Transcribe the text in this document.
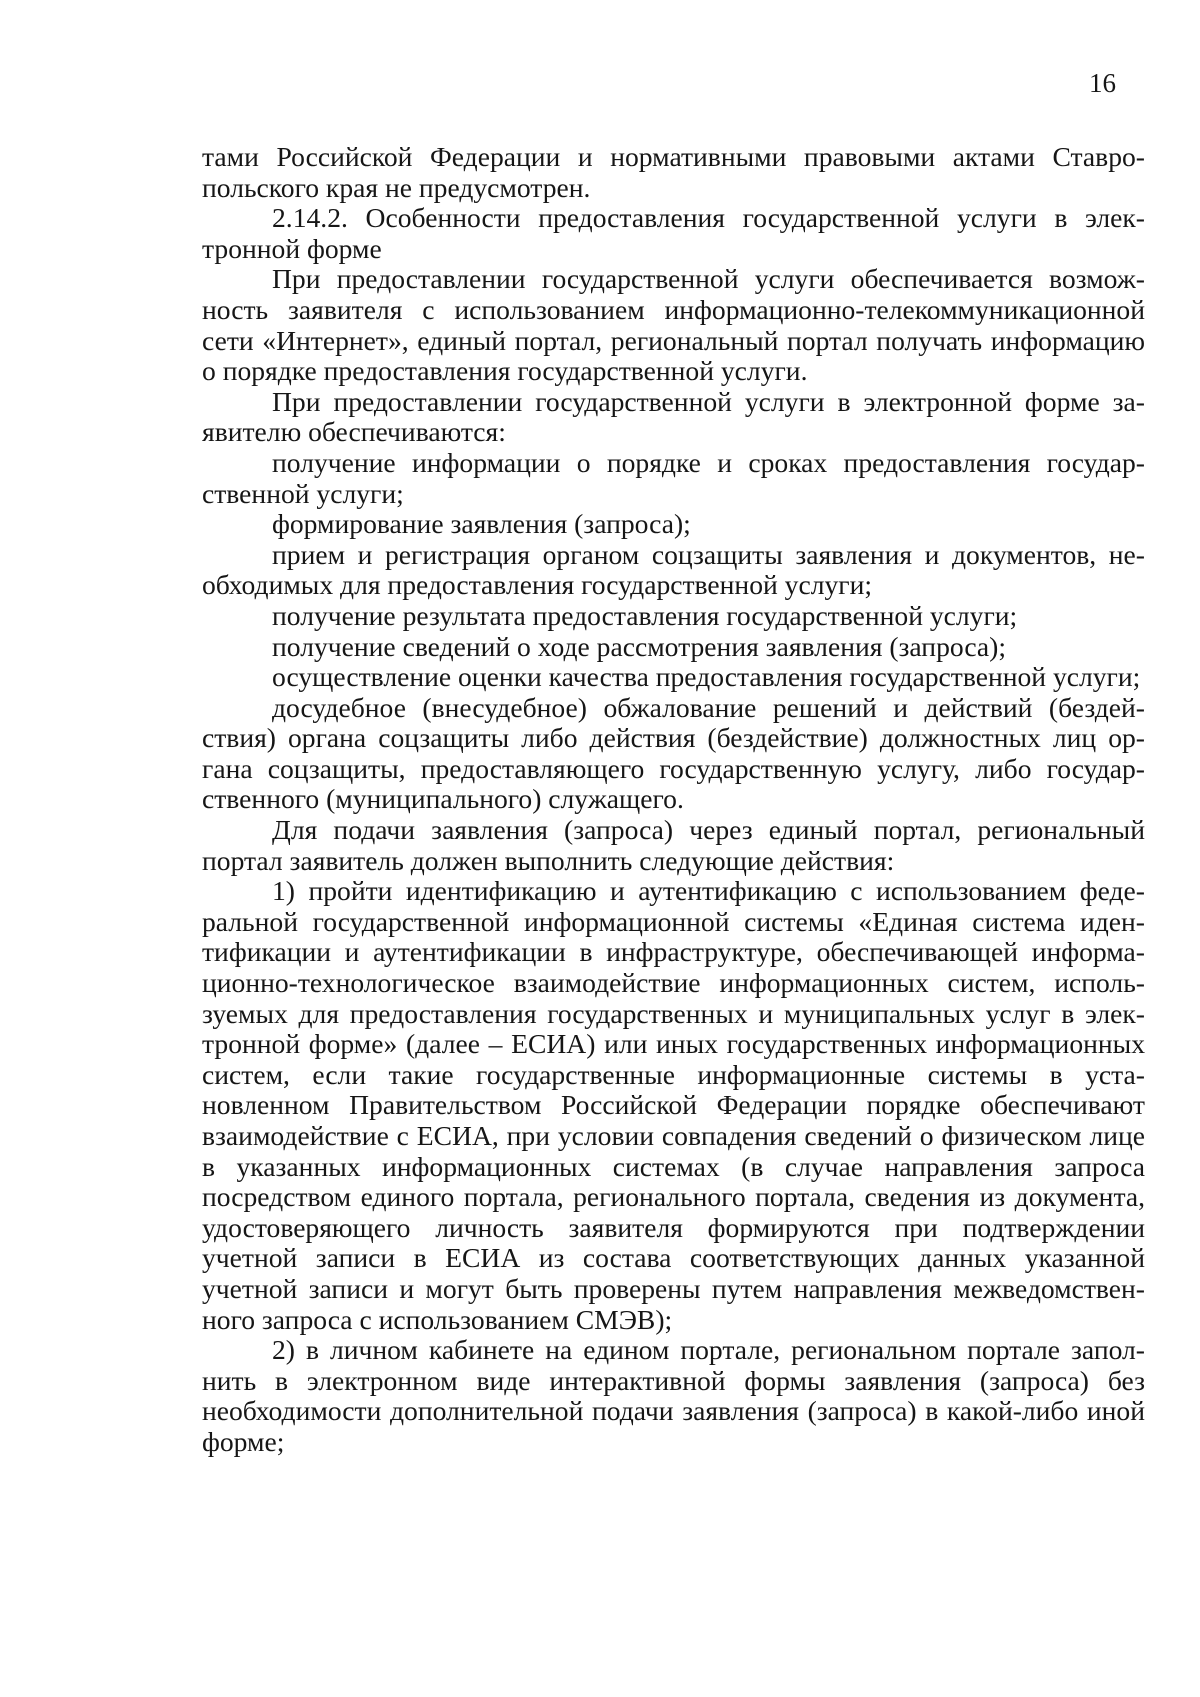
16

тами Российской Федерации и нормативными правовыми актами Ставропольского края не предусмотрен.

2.14.2. Особенности предоставления государственной услуги в электронной форме

При предоставлении государственной услуги обеспечивается возможность заявителя с использованием информационно-телекоммуникационной сети «Интернет», единый портал, региональный портал получать информацию о порядке предоставления государственной услуги.

При предоставлении государственной услуги в электронной форме заявителю обеспечиваются:

получение информации о порядке и сроках предоставления государственной услуги;

формирование заявления (запроса);

прием и регистрация органом соцзащиты заявления и документов, необходимых для предоставления государственной услуги;

получение результата предоставления государственной услуги;

получение сведений о ходе рассмотрения заявления (запроса);

осуществление оценки качества предоставления государственной услуги;

досудебное (внесудебное) обжалование решений и действий (бездействия) органа соцзащиты либо действия (бездействие) должностных лиц органа соцзащиты, предоставляющего государственную услугу, либо государственного (муниципального) служащего.

Для подачи заявления (запроса) через единый портал, региональный портал заявитель должен выполнить следующие действия:

1) пройти идентификацию и аутентификацию с использованием федеральной государственной информационной системы «Единая система идентификации и аутентификации в инфраструктуре, обеспечивающей информационно-технологическое взаимодействие информационных систем, используемых для предоставления государственных и муниципальных услуг в электронной форме» (далее – ЕСИА) или иных государственных информационных систем, если такие государственные информационные системы в установленном Правительством Российской Федерации порядке обеспечивают взаимодействие с ЕСИА, при условии совпадения сведений о физическом лице в указанных информационных системах (в случае направления запроса посредством единого портала, регионального портала, сведения из документа, удостоверяющего личность заявителя формируются при подтверждении учетной записи в ЕСИА из состава соответствующих данных указанной учетной записи и могут быть проверены путем направления межведомственного запроса с использованием СМЭВ);

2) в личном кабинете на едином портале, региональном портале заполнить в электронном виде интерактивной формы заявления (запроса) без необходимости дополнительной подачи заявления (запроса) в какой-либо иной форме;
